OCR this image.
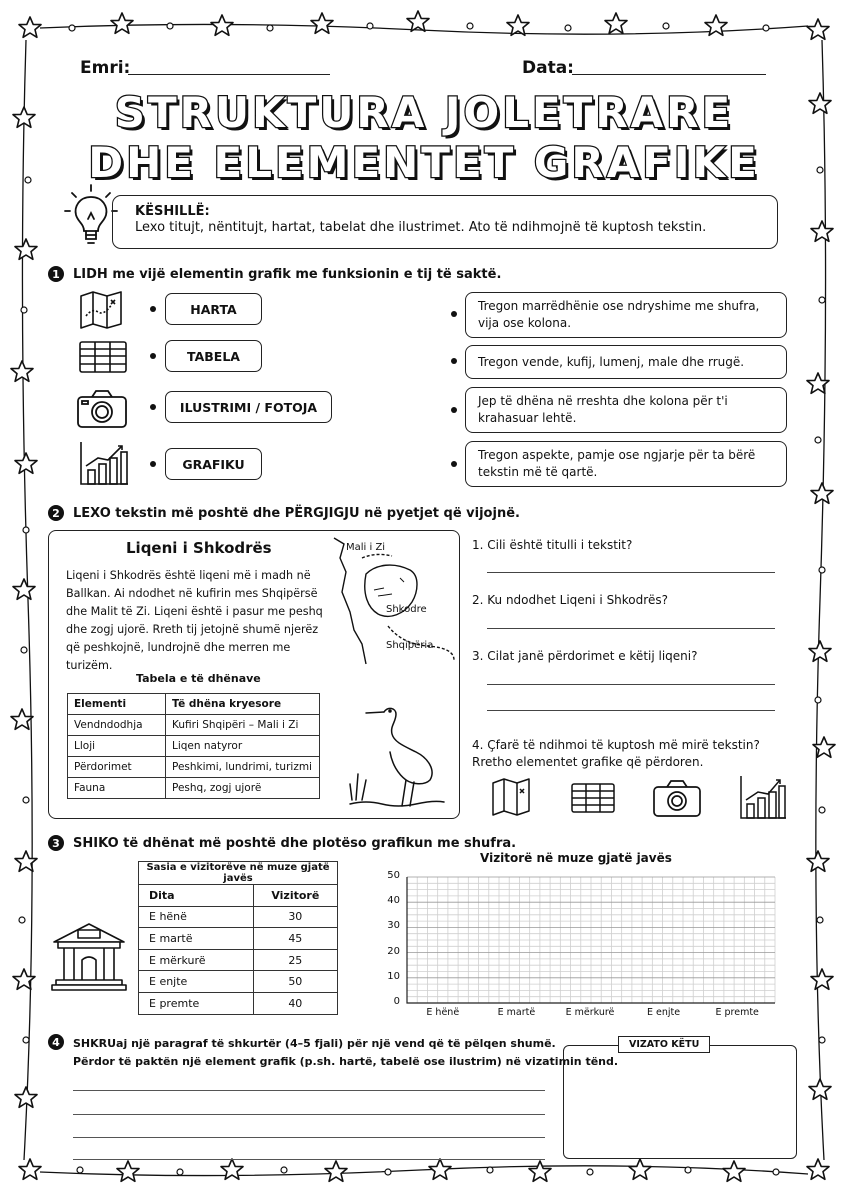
Emri:	Data:
STRUKTURA JOLETRARE
DHE ELEMENTET GRAFIKE
KËSHILLË:
Lexo titujt, nëntitujt, hartat, tabelat dhe ilustrimet. Ato të ndihmojnë të kuptosh tekstin.
1	LIDH me vijë elementin grafik me funksionin e tij të saktë.
HARTA
TABELA
ILUSTRIMI / FOTOJA
GRAFIKU
Tregon marrëdhënie ose ndryshime me shufra, vija ose kolona.
Tregon vende, kufij, lumenj, male dhe rrugë.
Jep të dhëna në rreshta dhe kolona për t'i krahasuar lehtë.
Tregon aspekte, pamje ose ngjarje për ta bërë tekstin më të qartë.
2	LEXO tekstin më poshtë dhe PËRGJIGJU në pyetjet që vijojnë.
Liqeni i Shkodrës
Liqeni i Shkodrës është liqeni më i madh në Ballkan. Ai ndodhet në kufirin mes Shqipërsë dhe Malit të Zi. Liqeni është i pasur me peshq dhe zogj ujorë. Rreth tij jetojnë shumë njerëz që peshkojnë, lundrojnë dhe merren me turizëm.
Mali i Zi
Shkodre
Shqipëria
Tabela e të dhënave
Elementi	Të dhëna kryesore
Vendndodhja	Kufiri Shqipëri – Mali i Zi
Lloji	Liqen natyror
Përdorimet	Peshkimi, lundrimi, turizmi
Fauna	Peshq, zogj ujorë
1. Cili është titulli i tekstit?
2. Ku ndodhet Liqeni i Shkodrës?
3. Cilat janë përdorimet e këtij liqeni?
4. Çfarë të ndihmoi të kuptosh më mirë tekstin? Rretho elementet grafike që përdoren.
3	SHIKO të dhënat më poshtë dhe plotëso grafikun me shufra.
Sasia e vizitorëve në muze gjatë javës	
Dita	Vizitorë
E hënë	30
E martë	45
E mërkurë	25
E enjte	50
E premte	40
Vizitorë në muze gjatë javës
0
10
20
30
40
50
E hënë	E martë	E mërkurë	E enjte	E premte
4	SHKRUaj një paragraf të shkurtër (4–5 fjali) për një vend që të pëlqen shumë.
Përdor të paktën një element grafik (p.sh. hartë, tabelë ose ilustrim) në vizatimin tënd.
VIZATO KËTU
